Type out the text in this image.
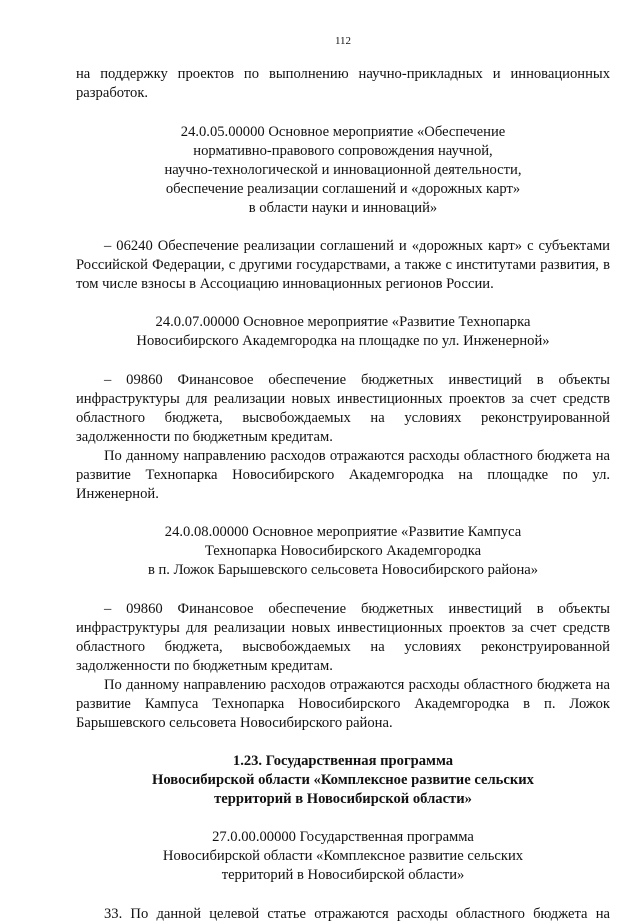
112

на поддержку проектов по выполнению научно-прикладных и инновационных разработок.

24.0.05.00000 Основное мероприятие «Обеспечение
нормативно-правового сопровождения научной,
научно-технологической и инновационной деятельности,
обеспечение реализации соглашений и «дорожных карт»
в области науки и инноваций»

– 06240 Обеспечение реализации соглашений и «дорожных карт» с субъектами Российской Федерации, с другими государствами, а также с институтами развития, в том числе взносы в Ассоциацию инновационных регионов России.

24.0.07.00000 Основное мероприятие «Развитие Технопарка
Новосибирского Академгородка на площадке по ул. Инженерной»

– 09860 Финансовое обеспечение бюджетных инвестиций в объекты инфраструктуры для реализации новых инвестиционных проектов за счет средств областного бюджета, высвобождаемых на условиях реконструированной задолженности по бюджетным кредитам.

По данному направлению расходов отражаются расходы областного бюджета на развитие Технопарка Новосибирского Академгородка на площадке по ул. Инженерной.

24.0.08.00000 Основное мероприятие «Развитие Кампуса
Технопарка Новосибирского Академгородка
в п. Ложок Барышевского сельсовета Новосибирского района»

– 09860 Финансовое обеспечение бюджетных инвестиций в объекты инфраструктуры для реализации новых инвестиционных проектов за счет средств областного бюджета, высвобождаемых на условиях реконструированной задолженности по бюджетным кредитам.

По данному направлению расходов отражаются расходы областного бюджета на развитие Кампуса Технопарка Новосибирского Академгородка в п. Ложок Барышевского сельсовета Новосибирского района.

1.23. Государственная программа
Новосибирской области «Комплексное развитие сельских
территорий в Новосибирской области»
27.0.00.00000 Государственная программа
Новосибирской области «Комплексное развитие сельских
территорий в Новосибирской области»

33. По данной целевой статье отражаются расходы областного бюджета на
